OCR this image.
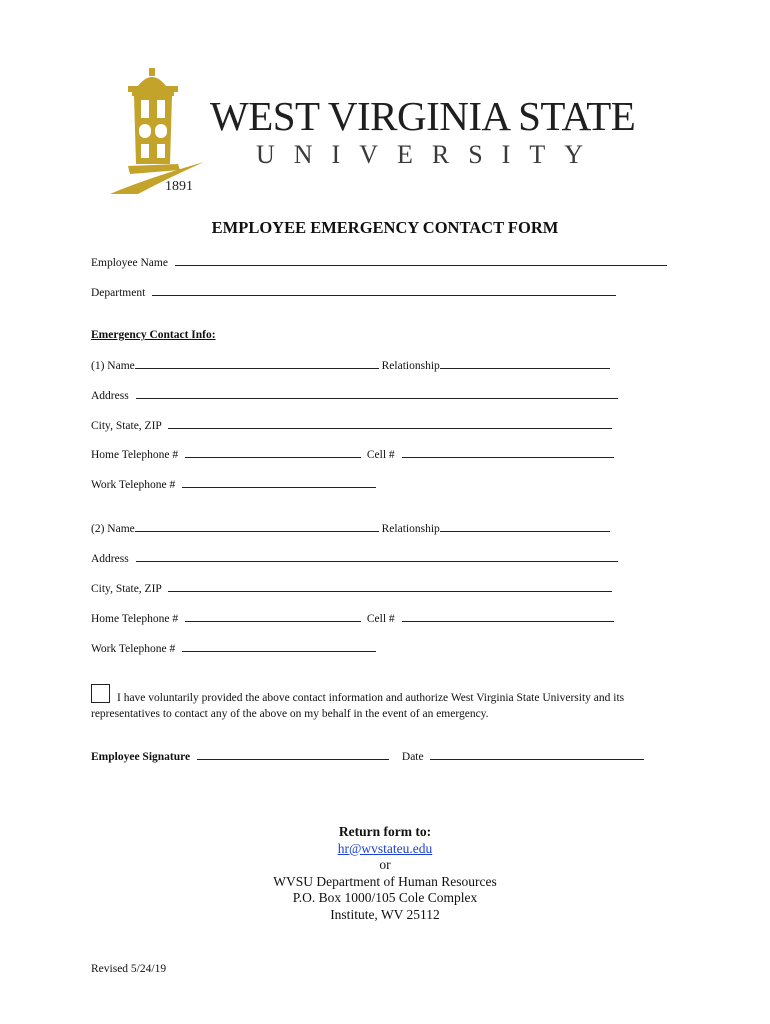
WEST VIRGINIA STATE
UNIVERSITY
1891
EMPLOYEE EMERGENCY CONTACT FORM
Employee Name
Department
Emergency Contact Info:
(1) Name	Relationship
Address
City, State, ZIP
Home Telephone #	Cell #
Work Telephone #
(2) Name	Relationship
Address
City, State, ZIP
Home Telephone #	Cell #
Work Telephone #
I have voluntarily provided the above contact information and authorize West Virginia State University and its representatives to contact any of the above on my behalf in the event of an emergency.
Employee Signature	Date
Return form to:
hr@wvstateu.edu
or
WVSU Department of Human Resources
P.O. Box 1000/105 Cole Complex
Institute, WV 25112
Revised 5/24/19
